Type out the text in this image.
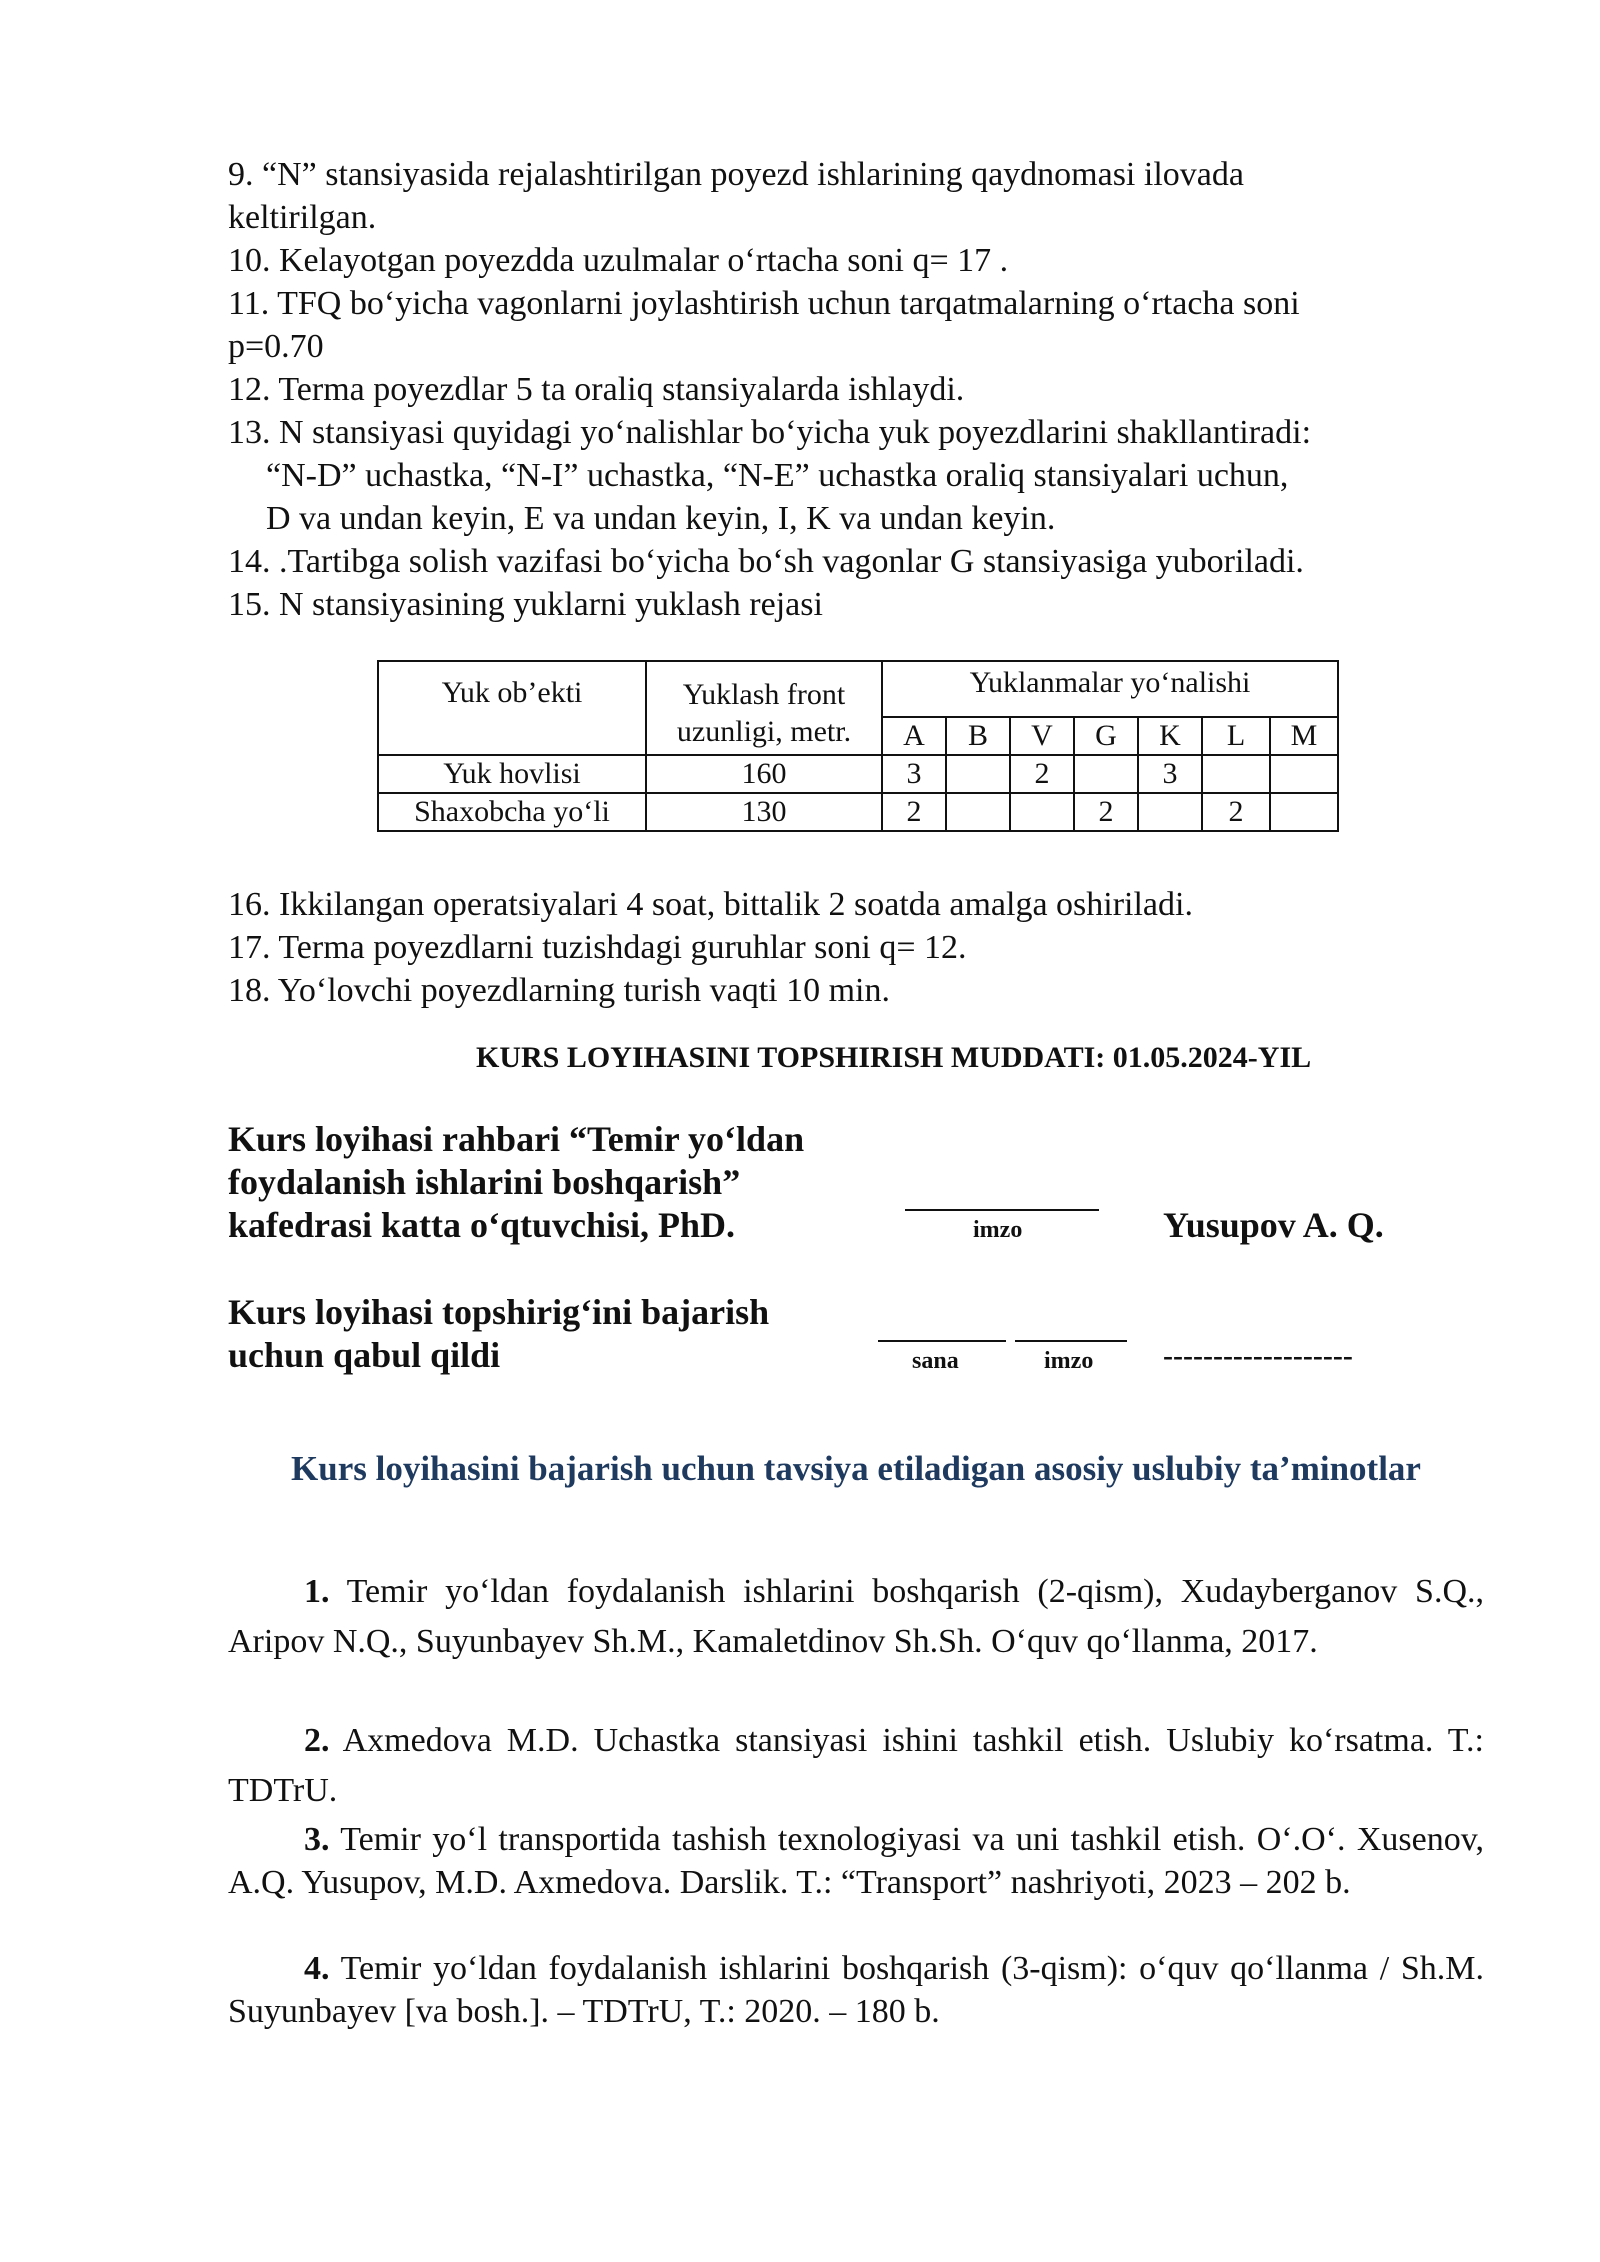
9. “N” stansiyasida rejalashtirilgan poyezd ishlarining qaydnomasi ilovada
keltirilgan.
10. Kelayotgan poyezdda uzulmalar o‘rtacha soni q= 17 .
11. TFQ bo‘yicha vagonlarni joylashtirish uchun tarqatmalarning o‘rtacha soni
p=0.70
12. Terma poyezdlar 5 ta oraliq stansiyalarda ishlaydi.
13. N stansiyasi quyidagi yo‘nalishlar bo‘yicha yuk poyezdlarini shakllantiradi:
“N-D” uchastka, “N-I” uchastka, “N-E” uchastka oraliq stansiyalari uchun,
D va undan keyin, E va undan keyin, I, K va undan keyin.
14. .Tartibga solish vazifasi bo‘yicha bo‘sh vagonlar G stansiyasiga yuboriladi.
15. N stansiyasining yuklarni yuklash rejasi
Yuk ob’ekti	Yuklash front uzunligi, metr.	Yuklanmalar yo‘nalishi						
		A	B	V	G	K	L	M
Yuk hovlisi	160	3		2		3		
Shaxobcha yo‘li	130	2			2		2	
16. Ikkilangan operatsiyalari 4 soat, bittalik 2 soatda amalga oshiriladi.
17. Terma poyezdlarni tuzishdagi guruhlar soni q= 12.
18. Yo‘lovchi poyezdlarning turish vaqti 10 min.
KURS LOYIHASINI TOPSHIRISH MUDDATI: 01.05.2024-YIL
Kurs loyihasi rahbari “Temir yo‘ldan
foydalanish ishlarini boshqarish”
kafedrasi katta o‘qtuvchisi, PhD.	imzo	Yusupov A. Q.
Kurs loyihasi topshirig‘ini bajarish
uchun qabul qildi	sana	imzo -------------------
Kurs loyihasini bajarish uchun tavsiya etiladigan asosiy uslubiy ta’minotlar
1. Temir yo‘ldan foydalanish ishlarini boshqarish (2-qism), Xudayberganov S.Q., Aripov N.Q., Suyunbayev Sh.M., Kamaletdinov Sh.Sh. O‘quv qo‘llanma, 2017.
2. Axmedova M.D. Uchastka stansiyasi ishini tashkil etish. Uslubiy ko‘rsatma. T.: TDTrU.
3. Temir yo‘l transportida tashish texnologiyasi va uni tashkil etish. O‘.O‘. Xusenov, A.Q. Yusupov, M.D. Axmedova. Darslik. T.: “Transport” nashriyoti, 2023 – 202 b.
4. Temir yo‘ldan foydalanish ishlarini boshqarish (3-qism): o‘quv qo‘llanma / Sh.M. Suyunbayev [va bosh.]. – TDTrU, T.: 2020. – 180 b.
